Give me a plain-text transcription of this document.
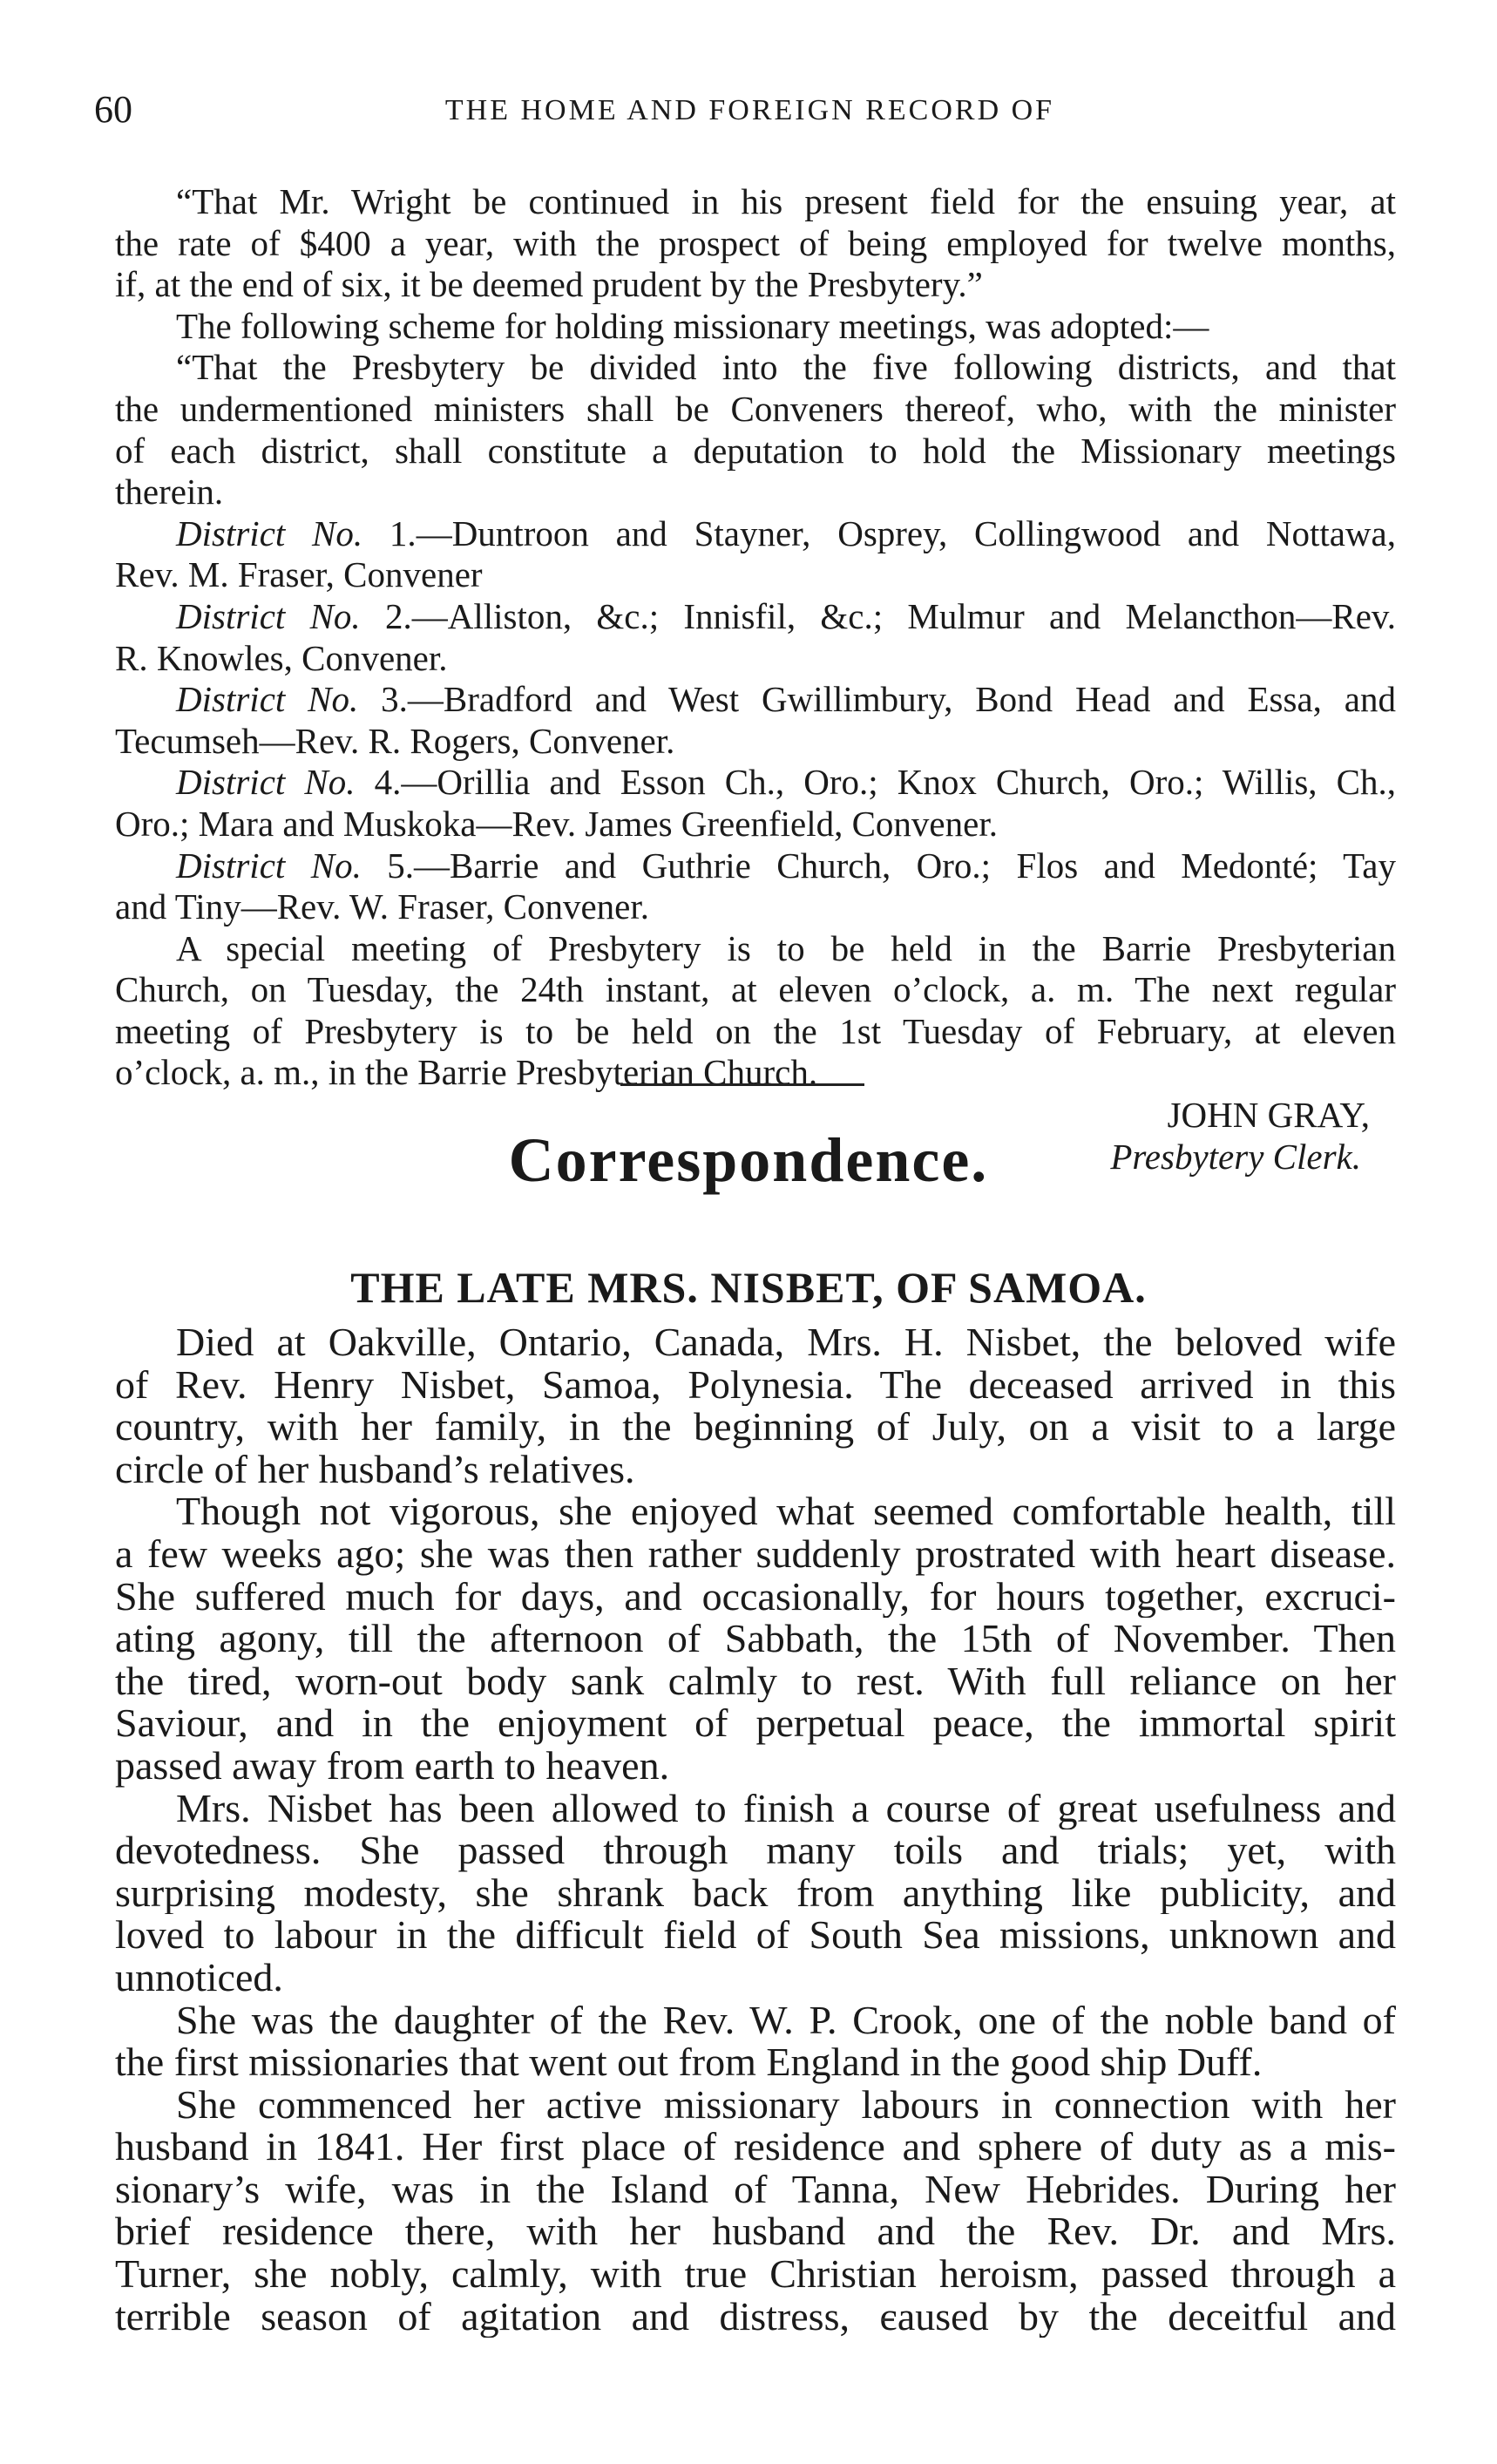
60	THE HOME AND FOREIGN RECORD OF
“That Mr. Wright be continued in his present field for the ensuing year, at
the rate of $400 a year, with the prospect of being employed for twelve months,
if, at the end of six, it be deemed prudent by the Presbytery.”
The following scheme for holding missionary meetings, was adopted:—
“That the Presbytery be divided into the five following districts, and that
the undermentioned ministers shall be Conveners thereof, who, with the minister
of each district, shall constitute a deputation to hold the Missionary meetings
therein.
District No. 1.—Duntroon and Stayner, Osprey, Collingwood and Nottawa,
Rev. M. Fraser, Convener
District No. 2.—Alliston, &c.; Innisfil, &c.; Mulmur and Melancthon—Rev.
R. Knowles, Convener.
District No. 3.—Bradford and West Gwillimbury, Bond Head and Essa, and
Tecumseh—Rev. R. Rogers, Convener.
District No. 4.—Orillia and Esson Ch., Oro.; Knox Church, Oro.; Willis, Ch.,
Oro.; Mara and Muskoka—Rev. James Greenfield, Convener.
District No. 5.—Barrie and Guthrie Church, Oro.; Flos and Medonté; Tay
and Tiny—Rev. W. Fraser, Convener.
A special meeting of Presbytery is to be held in the Barrie Presbyterian
Church, on Tuesday, the 24th instant, at eleven o’clock, a. m. The next regular
meeting of Presbytery is to be held on the 1st Tuesday of February, at eleven
o’clock, a. m., in the Barrie Presbyterian Church.
JOHN GRAY,
Presbytery Clerk.
Correspondence.
THE LATE MRS. NISBET, OF SAMOA.
Died at Oakville, Ontario, Canada, Mrs. H. Nisbet, the beloved wife
of Rev. Henry Nisbet, Samoa, Polynesia. The deceased arrived in this
country, with her family, in the beginning of July, on a visit to a large
circle of her husband’s relatives.
Though not vigorous, she enjoyed what seemed comfortable health, till
a few weeks ago; she was then rather suddenly prostrated with heart disease.
She suffered much for days, and occasionally, for hours together, excruci-
ating agony, till the afternoon of Sabbath, the 15th of November. Then
the tired, worn-out body sank calmly to rest. With full reliance on her
Saviour, and in the enjoyment of perpetual peace, the immortal spirit
passed away from earth to heaven.
Mrs. Nisbet has been allowed to finish a course of great usefulness and
devotedness. She passed through many toils and trials; yet, with
surprising modesty, she shrank back from anything like publicity, and
loved to labour in the difficult field of South Sea missions, unknown and
unnoticed.
She was the daughter of the Rev. W. P. Crook, one of the noble band of
the first missionaries that went out from England in the good ship Duff.
She commenced her active missionary labours in connection with her
husband in 1841. Her first place of residence and sphere of duty as a mis-
sionary’s wife, was in the Island of Tanna, New Hebrides. During her
brief residence there, with her husband and the Rev. Dr. and Mrs.
Turner, she nobly, calmly, with true Christian heroism, passed through a
terrible season of agitation and distress, caused by the deceitful and
